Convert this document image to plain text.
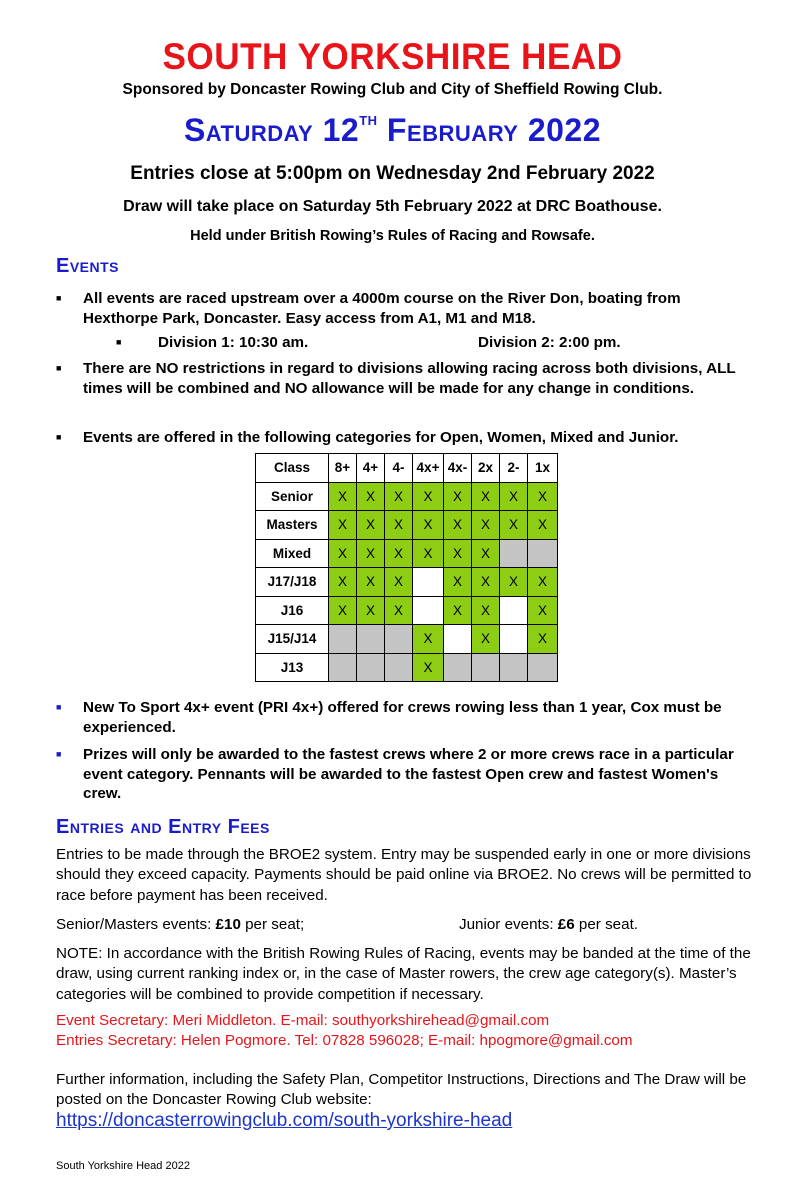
SOUTH YORKSHIRE HEAD
Sponsored by Doncaster Rowing Club and City of Sheffield Rowing Club.
Saturday 12TH February 2022
Entries close at 5:00pm on Wednesday 2nd February 2022
Draw will take place on Saturday 5th February 2022 at DRC Boathouse.
Held under British Rowing’s Rules of Racing and Rowsafe.
Events
■	All events are raced upstream over a 4000m course on the River Don, boating from
Hexthorpe Park, Doncaster. Easy access from A1, M1 and M18.
■ Division 1: 10:30 am.	Division 2: 2:00 pm.
■	There are NO restrictions in regard to divisions allowing racing across both divisions, ALL times will be combined and NO allowance will be made for any change in conditions.
■	Events are offered in the following categories for Open, Women, Mixed and Junior.
Class	8+	4+	4-	4x+	4x-	2x	2-	1x
Senior	X	X	X	X	X	X	X	X
Masters	X	X	X	X	X	X	X	X
Mixed	X	X	X	X	X	X		
J17/J18	X	X	X		X	X	X	X
J16	X	X	X		X	X		X
J15/J14				X		X		X
J13				X				
■	New To Sport 4x+ event (PRI 4x+) offered for crews rowing less than 1 year, Cox must be experienced.
■	Prizes will only be awarded to the fastest crews where 2 or more crews race in a particular event category. Pennants will be awarded to the fastest Open crew and fastest Women's crew.
Entries and Entry Fees
Entries to be made through the BROE2 system. Entry may be suspended early in one or more divisions should they exceed capacity. Payments should be paid online via BROE2. No crews will be permitted to race before payment has been received.
Senior/Masters events: £10 per seat;	Junior events: £6 per seat.
NOTE: In accordance with the British Rowing Rules of Racing, events may be banded at the time of the draw, using current ranking index or, in the case of Master rowers, the crew age category(s). Master’s categories will be combined to provide competition if necessary.
Event Secretary: Meri Middleton. E-mail: southyorkshirehead@gmail.com
Entries Secretary: Helen Pogmore. Tel: 07828 596028; E-mail: hpogmore@gmail.com
Further information, including the Safety Plan, Competitor Instructions, Directions and The Draw will be posted on the Doncaster Rowing Club website:
https://doncasterrowingclub.com/south-yorkshire-head
South Yorkshire Head 2022
